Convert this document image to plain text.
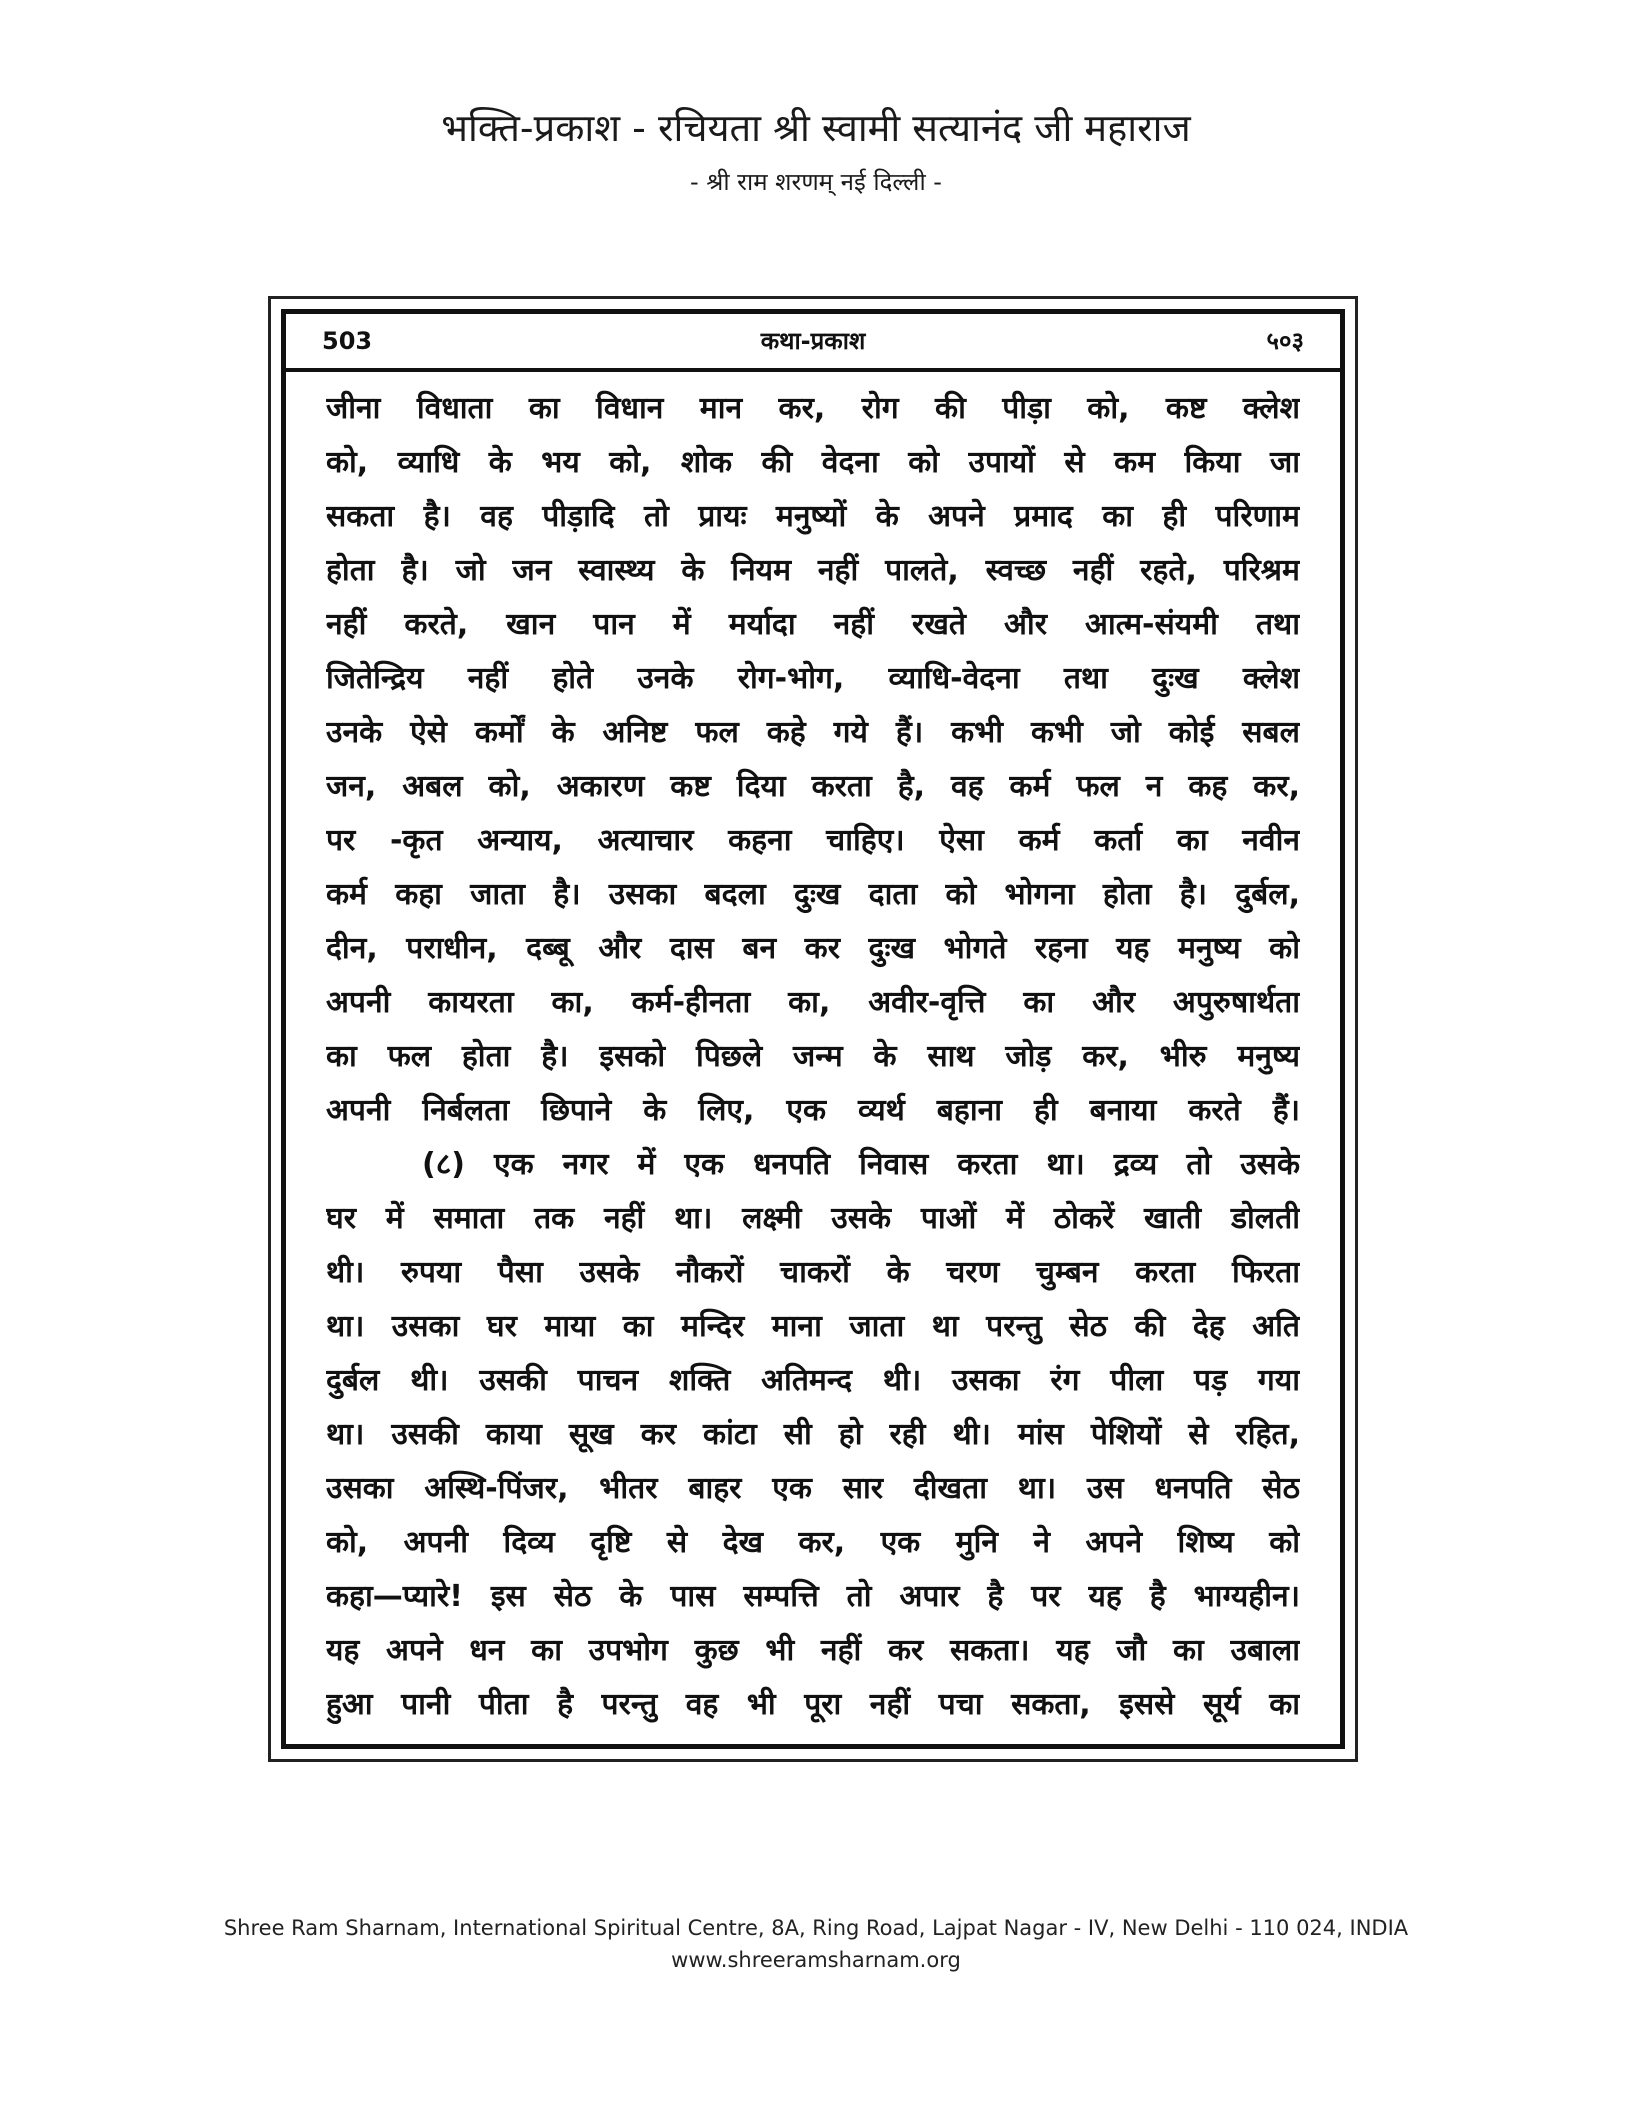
भक्ति-प्रकाश - रचियता श्री स्वामी सत्यानंद जी महाराज
- श्री राम शरणम् नई दिल्ली -
503	कथा-प्रकाश	५०३
जीना विधाता का विधान मान कर, रोग की पीड़ा को, कष्ट क्लेश
को, व्याधि के भय को, शोक की वेदना को उपायों से कम किया जा
सकता है। वह पीड़ादि तो प्रायः मनुष्यों के अपने प्रमाद का ही परिणाम
होता है। जो जन स्वास्थ्य के नियम नहीं पालते, स्वच्छ नहीं रहते, परिश्रम
नहीं करते, खान पान में मर्यादा नहीं रखते और आत्म-संयमी तथा
जितेन्द्रिय नहीं होते उनके रोग-भोग, व्याधि-वेदना तथा दुःख क्लेश
उनके ऐसे कर्मों के अनिष्ट फल कहे गये हैं। कभी कभी जो कोई सबल
जन, अबल को, अकारण कष्ट दिया करता है, वह कर्म फल न कह कर,
पर -कृत अन्याय, अत्याचार कहना चाहिए। ऐसा कर्म कर्ता का नवीन
कर्म कहा जाता है। उसका बदला दुःख दाता को भोगना होता है। दुर्बल,
दीन, पराधीन, दब्बू और दास बन कर दुःख भोगते रहना यह मनुष्य को
अपनी कायरता का, कर्म-हीनता का, अवीर-वृत्ति का और अपुरुषार्थता
का फल होता है। इसको पिछले जन्म के साथ जोड़ कर, भीरु मनुष्य
अपनी निर्बलता छिपाने के लिए, एक व्यर्थ बहाना ही बनाया करते हैं।
(८) एक नगर में एक धनपति निवास करता था। द्रव्य तो उसके
घर में समाता तक नहीं था। लक्ष्मी उसके पाओं में ठोकरें खाती डोलती
थी। रुपया पैसा उसके नौकरों चाकरों के चरण चुम्बन करता फिरता
था। उसका घर माया का मन्दिर माना जाता था परन्तु सेठ की देह अति
दुर्बल थी। उसकी पाचन शक्ति अतिमन्द थी। उसका रंग पीला पड़ गया
था। उसकी काया सूख कर कांटा सी हो रही थी। मांस पेशियों से रहित,
उसका अस्थि-पिंजर, भीतर बाहर एक सार दीखता था। उस धनपति सेठ
को, अपनी दिव्य दृष्टि से देख कर, एक मुनि ने अपने शिष्य को
कहा—प्यारे! इस सेठ के पास सम्पत्ति तो अपार है पर यह है भाग्यहीन।
यह अपने धन का उपभोग कुछ भी नहीं कर सकता। यह जौ का उबाला
हुआ पानी पीता है परन्तु वह भी पूरा नहीं पचा सकता, इससे सूर्य का
Shree Ram Sharnam, International Spiritual Centre, 8A, Ring Road, Lajpat Nagar - IV, New Delhi - 110 024, INDIA
www.shreeramsharnam.org
